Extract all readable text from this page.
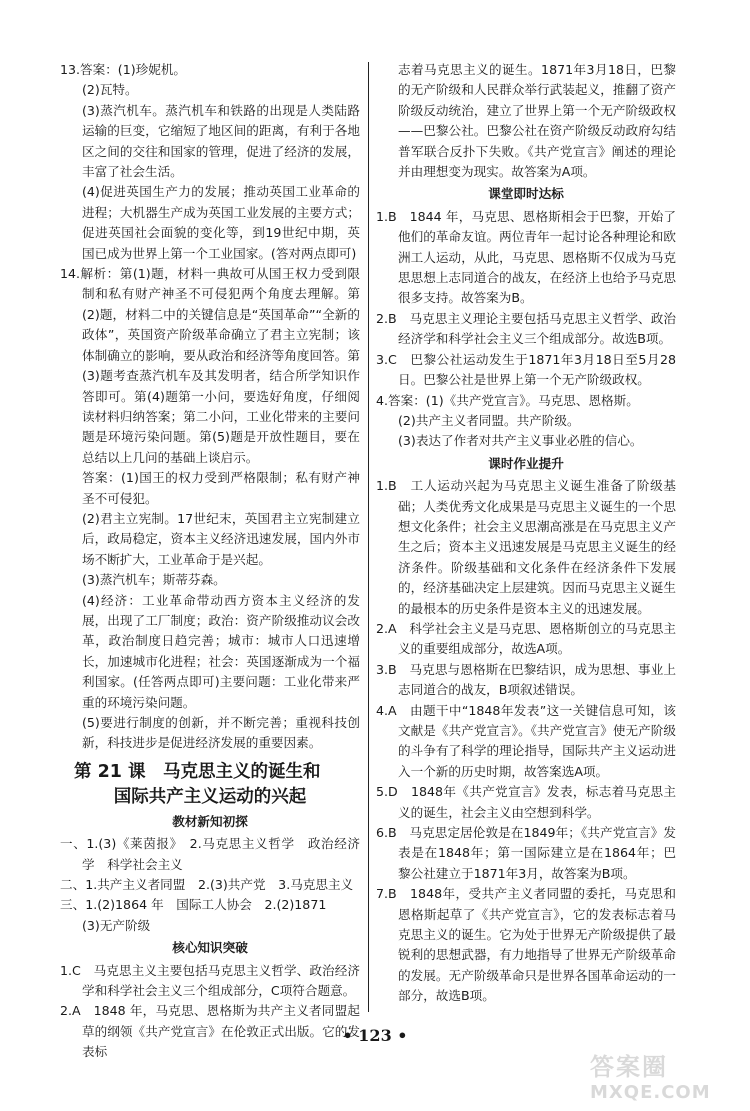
13.答案：(1)珍妮机。

(2)瓦特。

(3)蒸汽机车。蒸汽机车和铁路的出现是人类陆路运输的巨变，它缩短了地区间的距离，有利于各地区之间的交往和国家的管理，促进了经济的发展，丰富了社会生活。

(4)促进英国生产力的发展；推动英国工业革命的进程；大机器生产成为英国工业发展的主要方式；促进英国社会面貌的变化等，到19世纪中期，英国已成为世界上第一个工业国家。(答对两点即可)

14.解析：第(1)题，材料一典故可从国王权力受到限制和私有财产神圣不可侵犯两个角度去理解。第(2)题，材料二中的关键信息是“英国革命”“全新的政体”，英国资产阶级革命确立了君主立宪制；该体制确立的影响，要从政治和经济等角度回答。第(3)题考查蒸汽机车及其发明者，结合所学知识作答即可。第(4)题第一小问，要选好角度，仔细阅读材料归纳答案；第二小问，工业化带来的主要问题是环境污染问题。第(5)题是开放性题目，要在总结以上几问的基础上谈启示。

答案：(1)国王的权力受到严格限制；私有财产神圣不可侵犯。

(2)君主立宪制。17世纪末，英国君主立宪制建立后，政局稳定，资本主义经济迅速发展，国内外市场不断扩大，工业革命于是兴起。

(3)蒸汽机车；斯蒂芬森。

(4)经济：工业革命带动西方资本主义经济的发展，出现了工厂制度；政治：资产阶级推动议会改革，政治制度日趋完善；城市：城市人口迅速增长，加速城市化进程；社会：英国逐渐成为一个福利国家。(任答两点即可)主要问题：工业化带来严重的环境污染问题。

(5)要进行制度的创新，并不断完善；重视科技创新，科技进步是促进经济发展的重要因素。

第 21 课　马克思主义的诞生和
国际共产主义运动的兴起

教材新知初探

一、1.(3)《莱茵报》　2.马克思主义哲学　政治经济学　科学社会主义

二、1.共产主义者同盟　2.(3)共产党　3.马克思主义

三、1.(2)1864 年　国际工人协会　2.(2)1871

(3)无产阶级

核心知识突破

1.C　马克思主义主要包括马克思主义哲学、政治经济学和科学社会主义三个组成部分，C项符合题意。

2.A　1848 年，马克思、恩格斯为共产主义者同盟起草的纲领《共产党宣言》在伦敦正式出版。它的发表标

志着马克思主义的诞生。1871年3月18日，巴黎的无产阶级和人民群众举行武装起义，推翻了资产阶级反动统治，建立了世界上第一个无产阶级政权——巴黎公社。巴黎公社在资产阶级反动政府勾结普军联合反扑下失败。《共产党宣言》阐述的理论并由理想变为现实。故答案为A项。

课堂即时达标

1.B　1844 年，马克思、恩格斯相会于巴黎，开始了他们的革命友谊。两位青年一起讨论各种理论和欧洲工人运动，从此，马克思、恩格斯不仅成为马克思思想上志同道合的战友，在经济上也给予马克思很多支持。故答案为B。

2.B　马克思主义理论主要包括马克思主义哲学、政治经济学和科学社会主义三个组成部分。故选B项。

3.C　巴黎公社运动发生于1871年3月18日至5月28日。巴黎公社是世界上第一个无产阶级政权。

4.答案：(1)《共产党宣言》。马克思、恩格斯。

(2)共产主义者同盟。共产阶级。

(3)表达了作者对共产主义事业必胜的信心。

课时作业提升

1.B　工人运动兴起为马克思主义诞生准备了阶级基础；人类优秀文化成果是马克思主义诞生的一个思想文化条件；社会主义思潮高涨是在马克思主义产生之后；资本主义迅速发展是马克思主义诞生的经济条件。阶级基础和文化条件在经济条件下发展的，经济基础决定上层建筑。因而马克思主义诞生的最根本的历史条件是资本主义的迅速发展。

2.A　科学社会主义是马克思、恩格斯创立的马克思主义的重要组成部分，故选A项。

3.B　马克思与恩格斯在巴黎结识，成为思想、事业上志同道合的战友，B项叙述错误。

4.A　由题干中“1848年发表”这一关键信息可知，该文献是《共产党宣言》。《共产党宣言》使无产阶级的斗争有了科学的理论指导，国际共产主义运动进入一个新的历史时期，故答案选A项。

5.D　1848年《共产党宣言》发表，标志着马克思主义的诞生，社会主义由空想到科学。

6.B　马克思定居伦敦是在1849年；《共产党宣言》发表是在1848年；第一国际建立是在1864年；巴黎公社建立于1871年3月，故答案为B项。

7.B　1848年，受共产主义者同盟的委托，马克思和恩格斯起草了《共产党宣言》，它的发表标志着马克思主义的诞生。它为处于世界无产阶级提供了最锐利的思想武器，有力地指导了世界无产阶级革命的发展。无产阶级革命只是世界各国革命运动的一部分，故选B项。

• 123 •
答案圈
MXQE.COM
